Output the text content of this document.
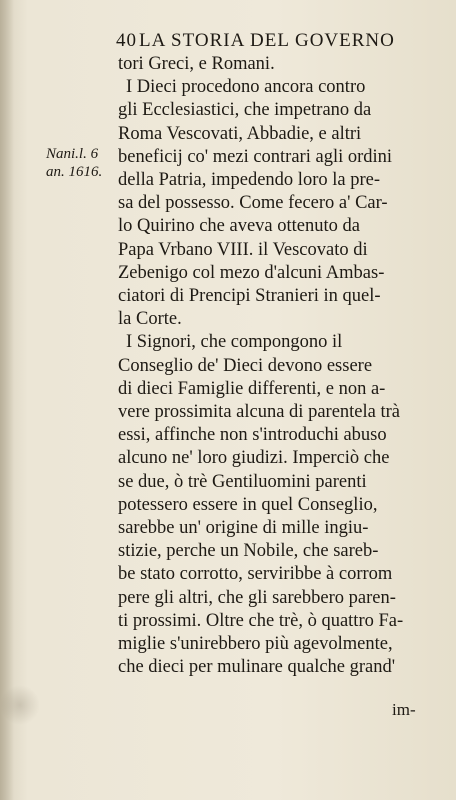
40 LA STORIA DEL GOVERNO
Nani.l. 6
an. 1616.
tori Greci, e Romani.
I Dieci procedono ancora contro
gli Ecclesiastici, che impetrano da
Roma Vescovati, Abbadie, e altri
beneficij co' mezi contrari agli ordini
della Patria, impedendo loro la pre-
sa del possesso. Come fecero a' Car-
lo Quirino che aveva ottenuto da
Papa Vrbano VIII. il Vescovato di
Zebenigo col mezo d'alcuni Ambas-
ciatori di Prencipi Stranieri in quel-
la Corte.
I Signori, che compongono il
Conseglio de' Dieci devono essere
di dieci Famiglie differenti, e non a-
vere prossimita alcuna di parentela trà
essi, affinche non s'introduchi abuso
alcuno ne' loro giudizi. Imperciò che
se due, ò trè Gentiluomini parenti
potessero essere in quel Conseglio,
sarebbe un' origine di mille ingiu-
stizie, perche un Nobile, che sareb-
be stato corrotto, serviribbe à corrom
pere gli altri, che gli sarebbero paren-
ti prossimi. Oltre che trè, ò quattro Fa-
miglie s'unirebbero più agevolmente,
che dieci per mulinare qualche grand'
im-
